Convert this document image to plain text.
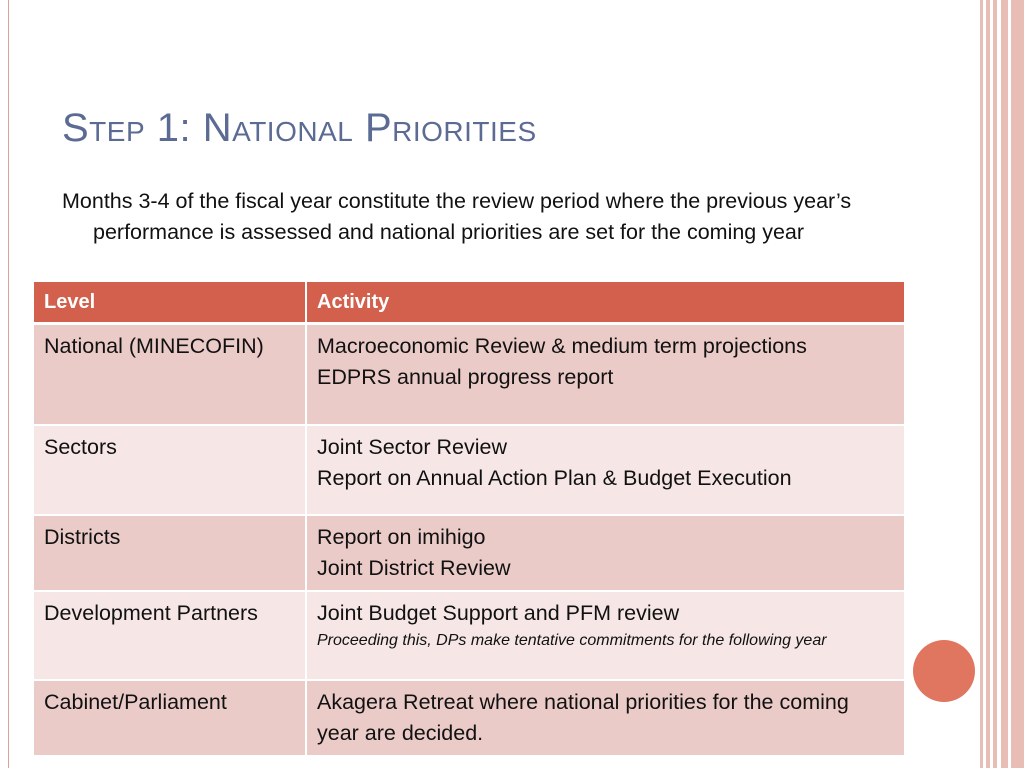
Step 1: National Priorities
Months 3-4 of the fiscal year constitute the review period where the previous year’s performance is assessed and national priorities are set for the coming year
Level	Activity
National (MINECOFIN)	Macroeconomic Review & medium term projections
EDPRS annual progress report

Sectors	Joint Sector Review
Report on Annual Action Plan & Budget Execution

Districts	Report on imihigo
Joint District Review

Development Partners	Joint Budget Support and PFM review
Proceeding this, DPs make tentative commitments for the following year

Cabinet/Parliament	Akagera Retreat where national priorities for the coming year are decided.
